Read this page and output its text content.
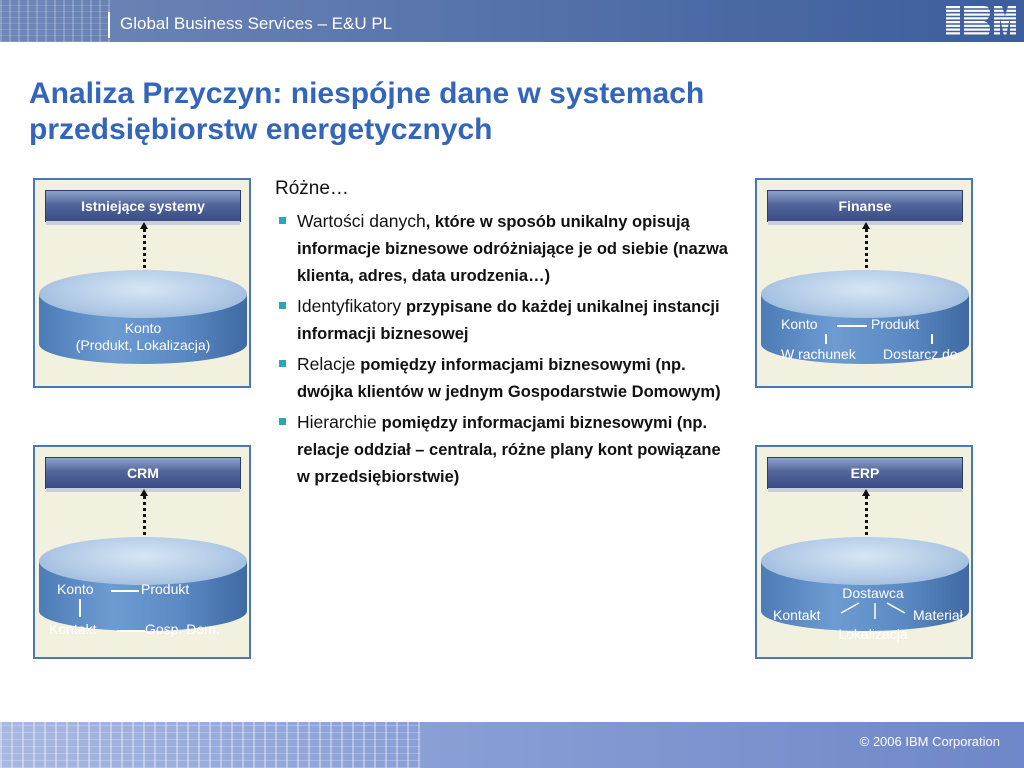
Global Business Services – E&U PL
Analiza Przyczyn: niespójne dane w systemach przedsiębiorstw energetycznych
Istniejące systemy
Konto
(Produkt, Lokalizacja)
CRM
Konto	Produkt
Kontakt	Gosp. Dom.
Finanse
Konto	Produkt
W rachunek Dostarcz do
ERP
Dostawca
Kontakt	Materiał
Lokalizacja
Różne…
Wartości danych, które w sposób unikalny opisują informacje biznesowe odróżniające je od siebie (nazwa klienta, adres, data urodzenia…)
Identyfikatory przypisane do każdej unikalnej instancji informacji biznesowej
Relacje pomiędzy informacjami biznesowymi (np. dwójka klientów w jednym Gospodarstwie Domowym)
Hierarchie pomiędzy informacjami biznesowymi (np. relacje oddział – centrala, różne plany kont powiązane w przedsiębiorstwie)
© 2006 IBM Corporation
